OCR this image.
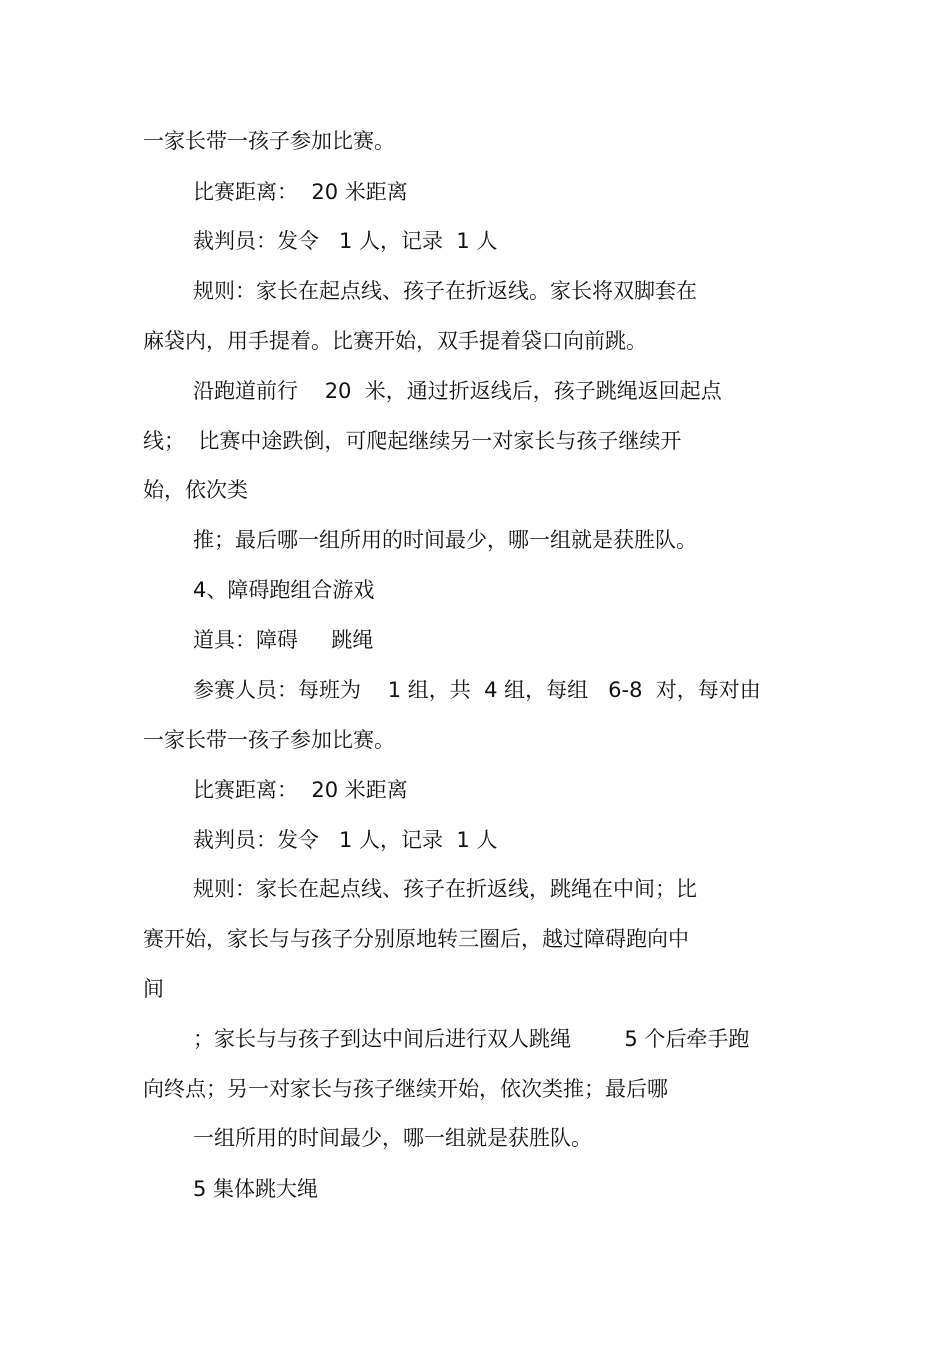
一家长带一孩子参加比赛。
比赛距离：  20 米距离
裁判员：发令   1 人，记录  1 人
规则：家长在起点线、孩子在折返线。家长将双脚套在
麻袋内，用手提着。比赛开始，双手提着袋口向前跳。
沿跑道前行    20  米，通过折返线后，孩子跳绳返回起点
线；  比赛中途跌倒，可爬起继续另一对家长与孩子继续开
始，依次类
推；最后哪一组所用的时间最少，哪一组就是获胜队。
4、障碍跑组合游戏
道具：障碍     跳绳
参赛人员：每班为    1 组，共  4 组，每组   6-8  对，每对由
一家长带一孩子参加比赛。
比赛距离：  20 米距离
裁判员：发令   1 人，记录  1 人
规则：家长在起点线、孩子在折返线，跳绳在中间；比
赛开始，家长与与孩子分别原地转三圈后，越过障碍跑向中
间
；家长与与孩子到达中间后进行双人跳绳        5 个后牵手跑
向终点；另一对家长与孩子继续开始，依次类推；最后哪
一组所用的时间最少，哪一组就是获胜队。
5 集体跳大绳
